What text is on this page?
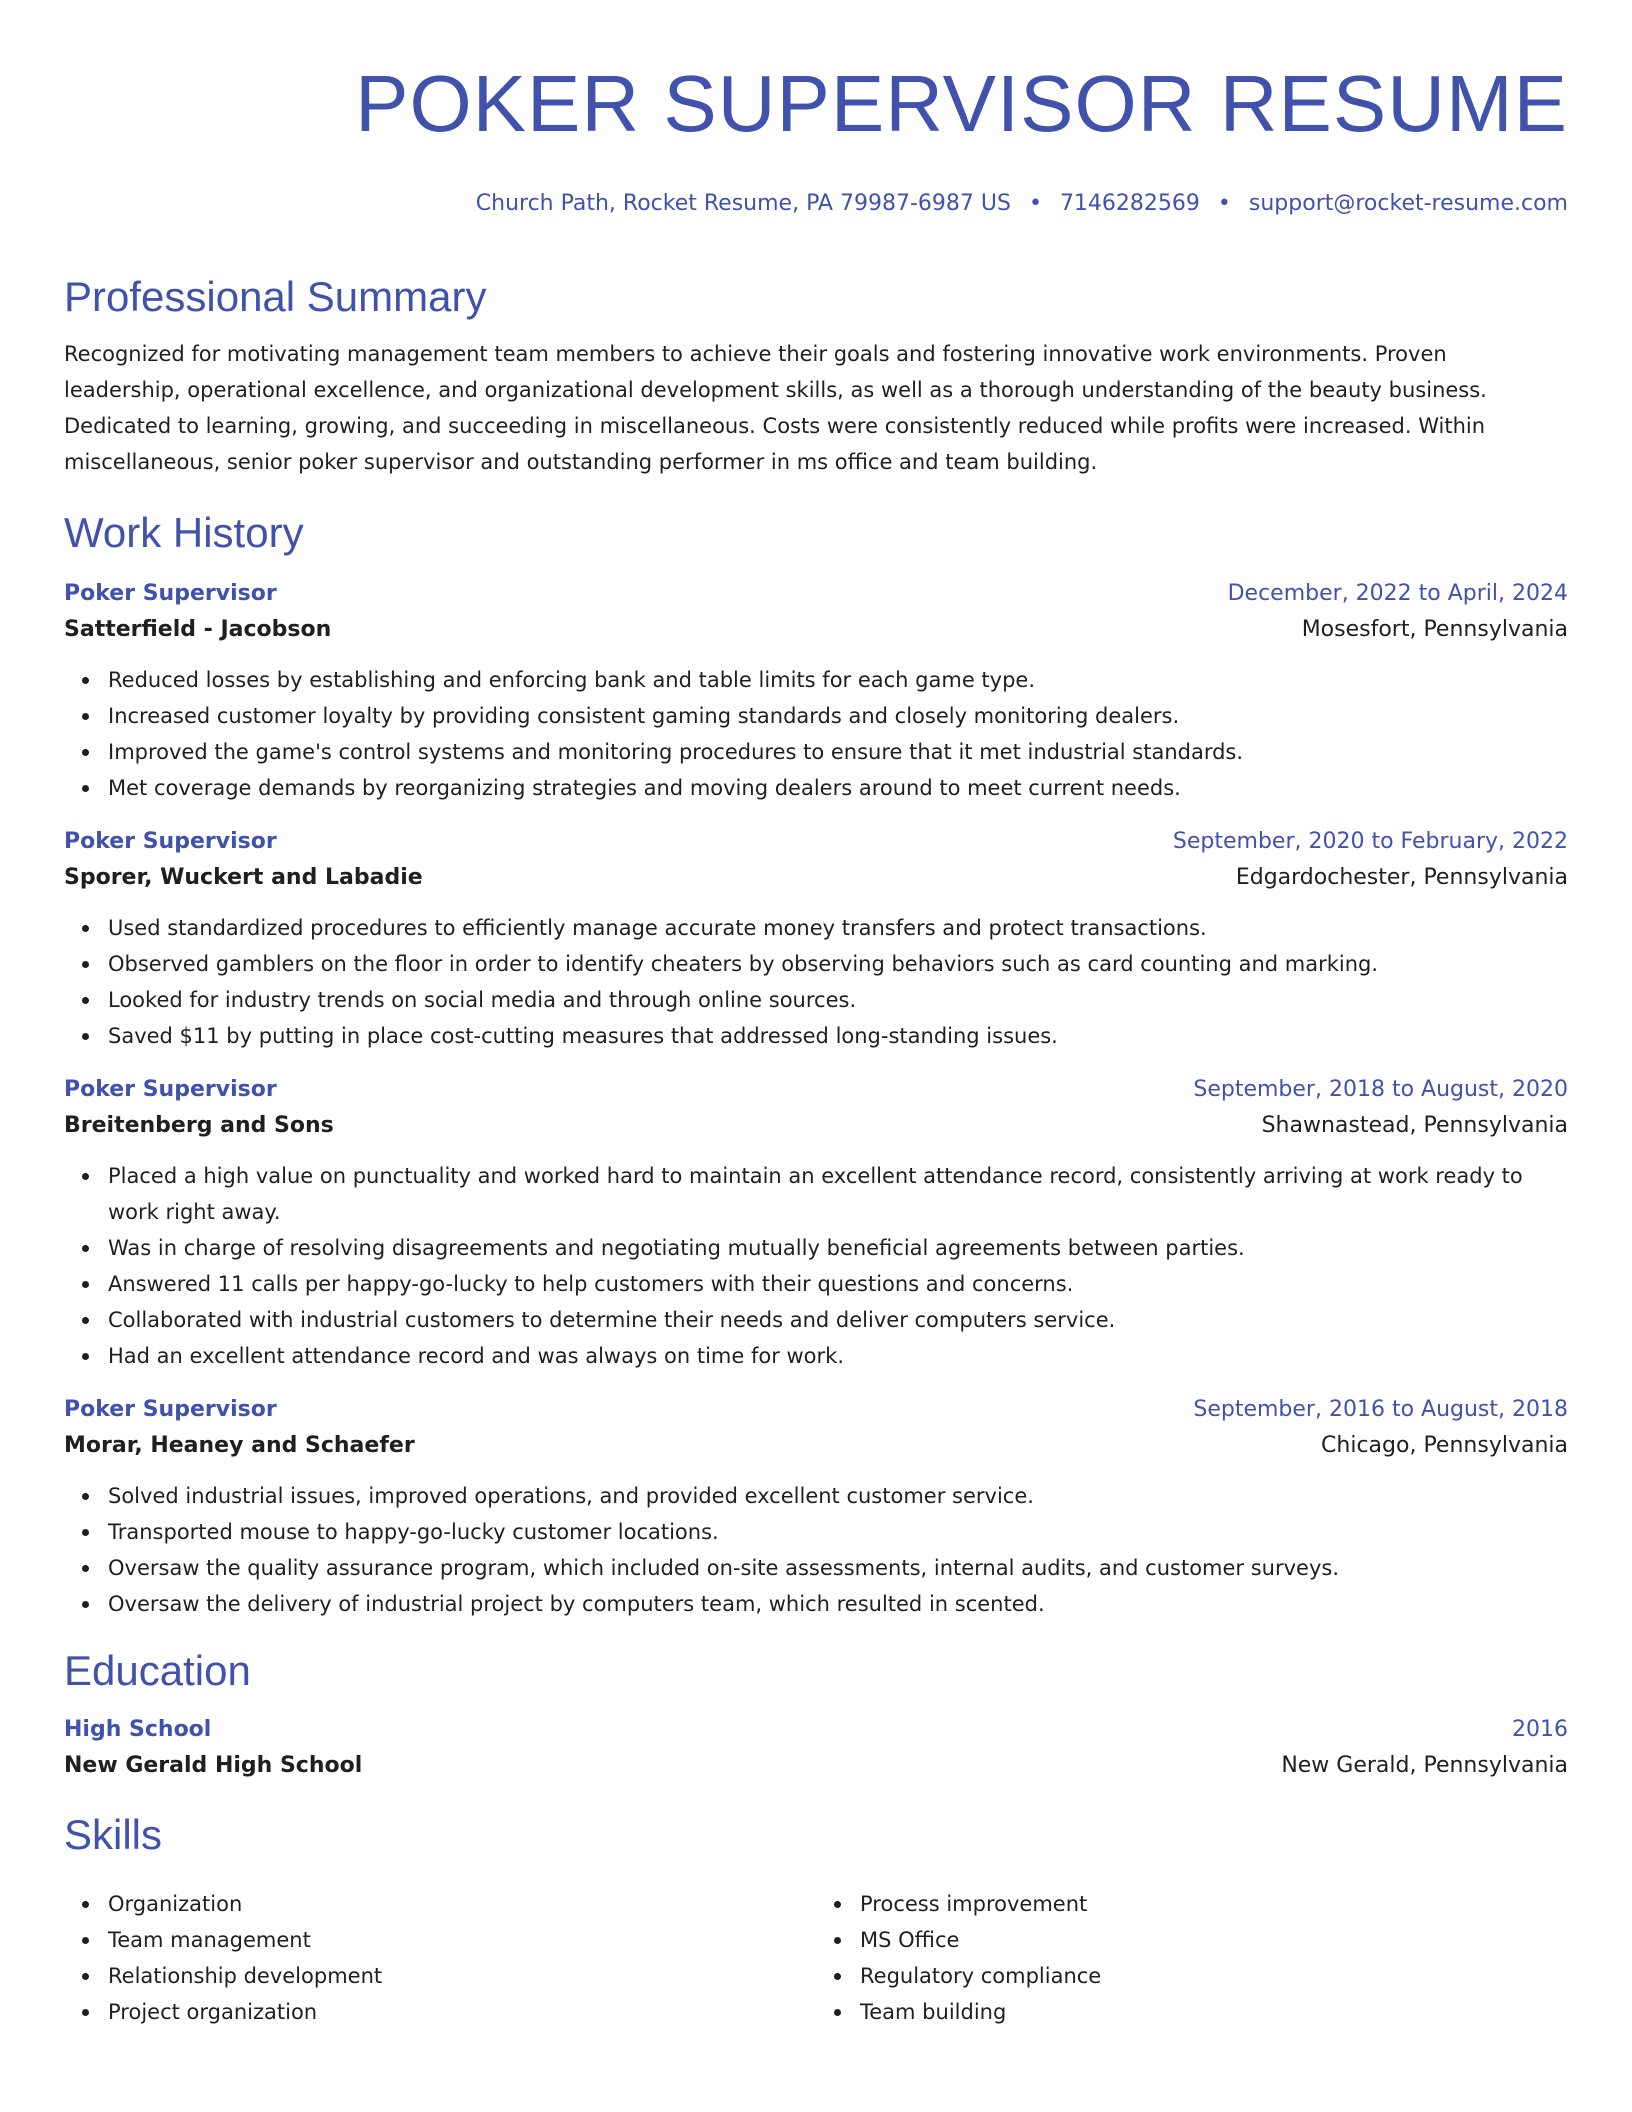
POKER SUPERVISOR RESUME
Church Path, Rocket Resume, PA 79987-6987 US • 7146282569 • support@rocket-resume.com
Professional Summary

Recognized for motivating management team members to achieve their goals and fostering innovative work environments. Proven leadership, operational excellence, and organizational development skills, as well as a thorough understanding of the beauty business. Dedicated to learning, growing, and succeeding in miscellaneous. Costs were consistently reduced while profits were increased. Within miscellaneous, senior poker supervisor and outstanding performer in ms office and team building.

Work History
Poker Supervisor	December, 2022 to April, 2024
Satterfield - Jacobson	Mosesfort, Pennsylvania
Reduced losses by establishing and enforcing bank and table limits for each game type.
Increased customer loyalty by providing consistent gaming standards and closely monitoring dealers.
Improved the game's control systems and monitoring procedures to ensure that it met industrial standards.
Met coverage demands by reorganizing strategies and moving dealers around to meet current needs.
Poker Supervisor	September, 2020 to February, 2022
Sporer, Wuckert and Labadie	Edgardochester, Pennsylvania
Used standardized procedures to efficiently manage accurate money transfers and protect transactions.
Observed gamblers on the floor in order to identify cheaters by observing behaviors such as card counting and marking.
Looked for industry trends on social media and through online sources.
Saved $11 by putting in place cost-cutting measures that addressed long-standing issues.
Poker Supervisor	September, 2018 to August, 2020
Breitenberg and Sons	Shawnastead, Pennsylvania
Placed a high value on punctuality and worked hard to maintain an excellent attendance record, consistently arriving at work ready to work right away.
Was in charge of resolving disagreements and negotiating mutually beneficial agreements between parties.
Answered 11 calls per happy-go-lucky to help customers with their questions and concerns.
Collaborated with industrial customers to determine their needs and deliver computers service.
Had an excellent attendance record and was always on time for work.
Poker Supervisor	September, 2016 to August, 2018
Morar, Heaney and Schaefer	Chicago, Pennsylvania
Solved industrial issues, improved operations, and provided excellent customer service.
Transported mouse to happy-go-lucky customer locations.
Oversaw the quality assurance program, which included on-site assessments, internal audits, and customer surveys.
Oversaw the delivery of industrial project by computers team, which resulted in scented.
Education
High School	2016
New Gerald High School	New Gerald, Pennsylvania
Skills
Organization
Team management
Relationship development
Project organization
Process improvement
MS Office
Regulatory compliance
Team building
